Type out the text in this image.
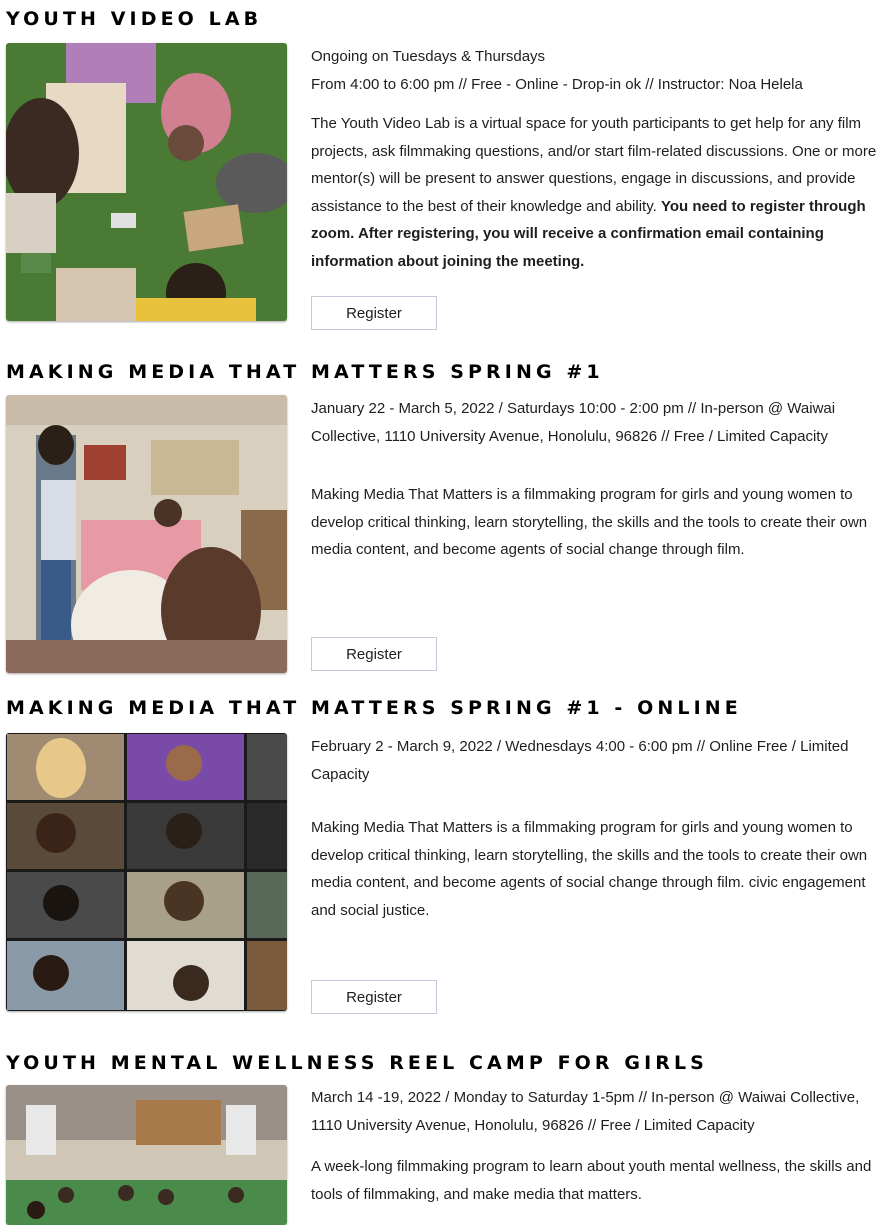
YOUTH VIDEO LAB

Ongoing on Tuesdays & Thursdays
From 4:00 to 6:00 pm // Free - Online - Drop-in ok // Instructor: Noa Helela

The Youth Video Lab is a virtual space for youth participants to get help for any film projects, ask filmmaking questions, and/or start film-related discussions. One or more mentor(s) will be present to answer questions, engage in discussions, and provide assistance to the best of their knowledge and ability. You need to register through zoom. After registering, you will receive a confirmation email containing information about joining the meeting.

Register
MAKING MEDIA THAT MATTERS SPRING #1

January 22 - March 5, 2022 / Saturdays 10:00 - 2:00 pm // In-person @ Waiwai Collective, 1110 University Avenue, Honolulu, 96826 // Free / Limited Capacity

Making Media That Matters is a filmmaking program for girls and young women to develop critical thinking, learn storytelling, the skills and the tools to create their own media content, and become agents of social change through film.

Register
MAKING MEDIA THAT MATTERS SPRING #1 - ONLINE

February 2 - March 9, 2022 / Wednesdays 4:00 - 6:00 pm // Online Free / Limited Capacity

Making Media That Matters is a filmmaking program for girls and young women to develop critical thinking, learn storytelling, the skills and the tools to create their own media content, and become agents of social change through film. civic engagement and social justice.

Register
YOUTH MENTAL WELLNESS REEL CAMP FOR GIRLS

March 14 -19, 2022 / Monday to Saturday 1-5pm // In-person @ Waiwai Collective, 1110 University Avenue, Honolulu, 96826 // Free / Limited Capacity

A week-long filmmaking program to learn about youth mental wellness, the skills and tools of filmmaking, and make media that matters.
